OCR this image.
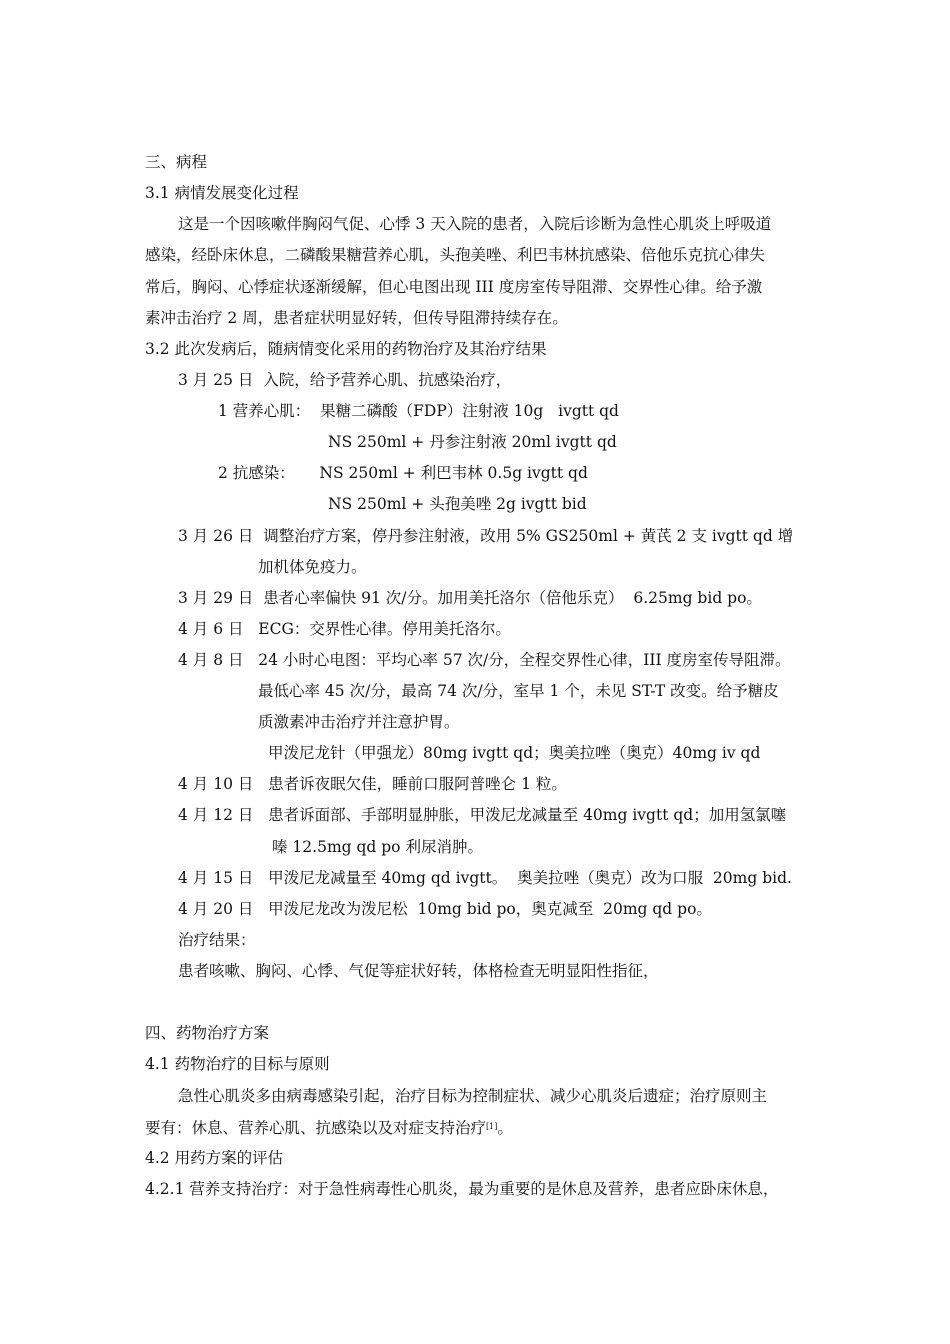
三、病程
3.1 病情发展变化过程
这是一个因咳嗽伴胸闷气促、心悸 3 天入院的患者，入院后诊断为急性心肌炎上呼吸道
感染，经卧床休息，二磷酸果糖营养心肌，头孢美唑、利巴韦林抗感染、倍他乐克抗心律失
常后，胸闷、心悸症状逐渐缓解，但心电图出现 III 度房室传导阻滞、交界性心律。给予激
素冲击治疗 2 周，患者症状明显好转，但传导阻滞持续存在。
3.2 此次发病后，随病情变化采用的药物治疗及其治疗结果
3 月 25 日  入院，给予营养心肌、抗感染治疗，
1 营养心肌：  果糖二磷酸（FDP）注射液 10g   ivgtt qd
NS 250ml + 丹参注射液 20ml ivgtt qd
2 抗感染：     NS 250ml + 利巴韦林 0.5g ivgtt qd
NS 250ml + 头孢美唑 2g ivgtt bid
3 月 26 日  调整治疗方案，停丹参注射液，改用 5% GS250ml + 黄芪 2 支 ivgtt qd 增
加机体免疫力。
3 月 29 日  患者心率偏快 91 次/分。加用美托洛尔（倍他乐克）  6.25mg bid po。
4 月 6 日   ECG：交界性心律。停用美托洛尔。
4 月 8 日   24 小时心电图：平均心率 57 次/分，全程交界性心律，III 度房室传导阻滞。
最低心率 45 次/分，最高 74 次/分，室早 1 个，未见 ST-T 改变。给予糖皮
质激素冲击治疗并注意护胃。
甲泼尼龙针（甲强龙）80mg ivgtt qd；奥美拉唑（奥克）40mg iv qd
4 月 10 日   患者诉夜眠欠佳，睡前口服阿普唑仑 1 粒。
4 月 12 日   患者诉面部、手部明显肿胀，甲泼尼龙减量至 40mg ivgtt qd；加用氢氯噻
嗪 12.5mg qd po 利尿消肿。
4 月 15 日   甲泼尼龙减量至 40mg qd ivgtt。  奥美拉唑（奥克）改为口服  20mg bid.
4 月 20 日   甲泼尼龙改为泼尼松  10mg bid po，奥克减至  20mg qd po。
治疗结果：
患者咳嗽、胸闷、心悸、气促等症状好转，体格检查无明显阳性指征，
四、药物治疗方案
4.1 药物治疗的目标与原则
急性心肌炎多由病毒感染引起，治疗目标为控制症状、减少心肌炎后遗症；治疗原则主
要有：休息、营养心肌、抗感染以及对症支持治疗[1]。
4.2 用药方案的评估
4.2.1 营养支持治疗：对于急性病毒性心肌炎，最为重要的是休息及营养，患者应卧床休息，
